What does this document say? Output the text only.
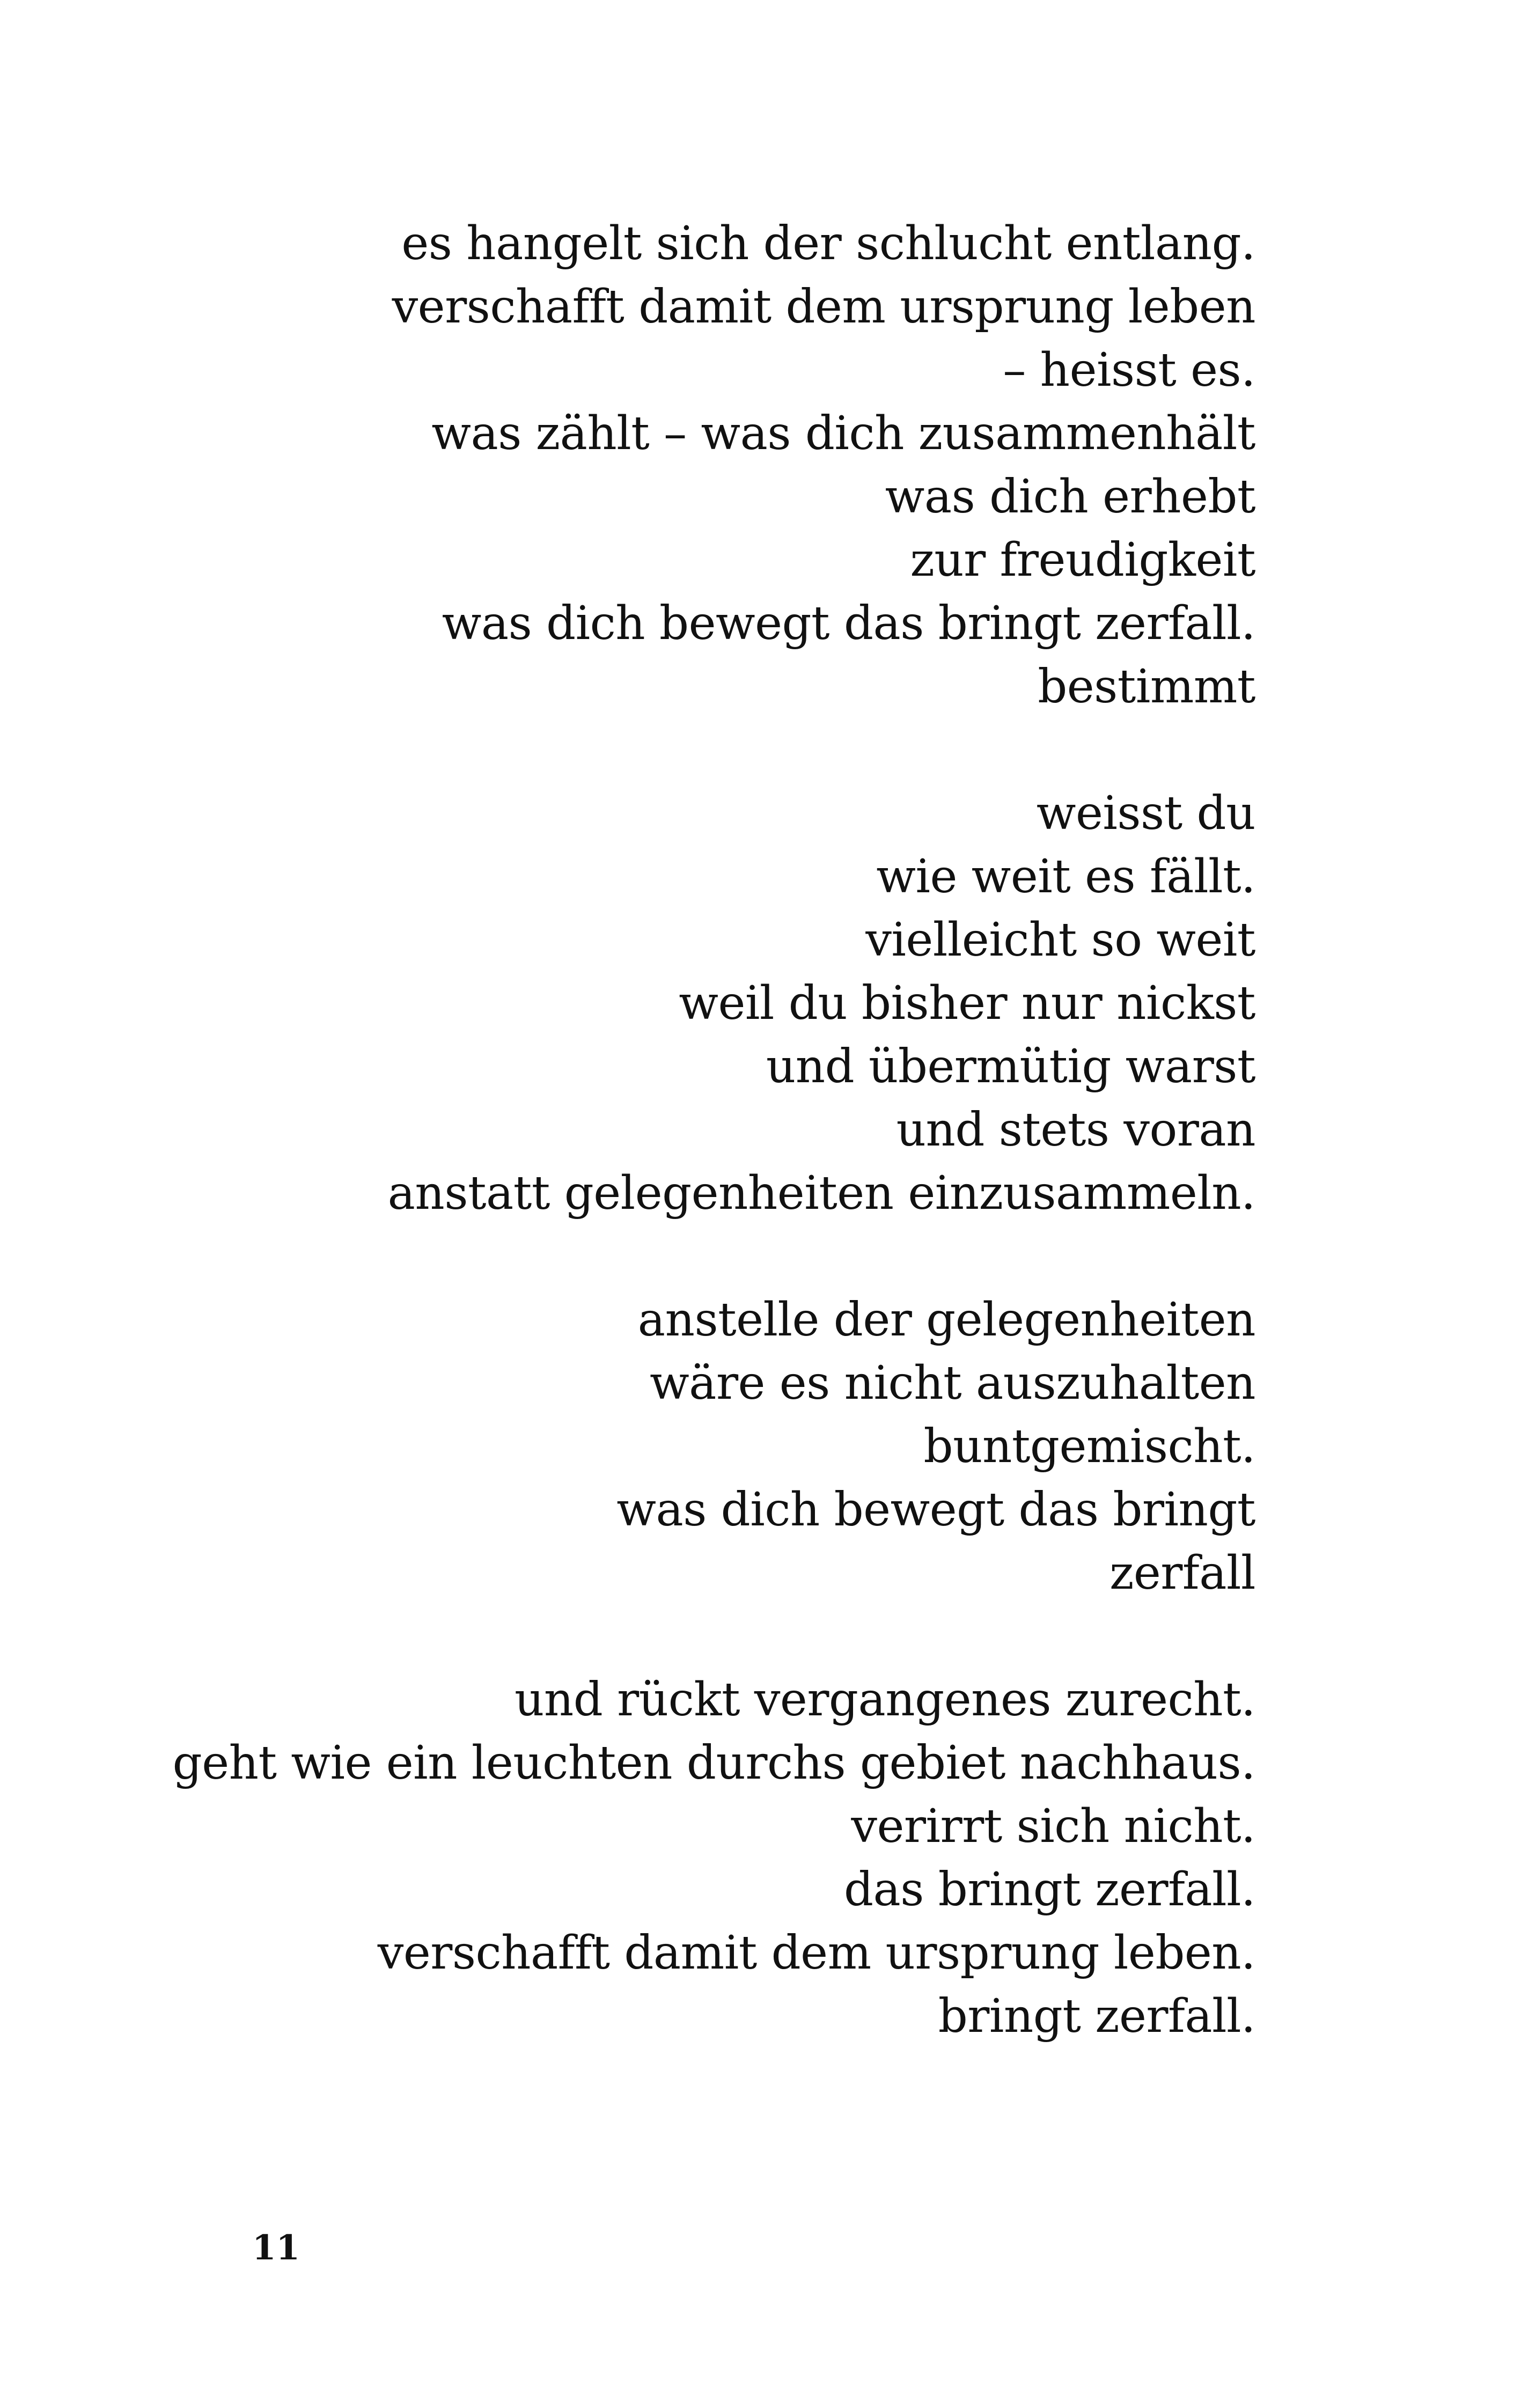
es hangelt sich der schlucht entlang.
verschafft damit dem ursprung leben
– heisst es.
was zählt – was dich zusammenhält
was dich erhebt
zur freudigkeit
was dich bewegt das bringt zerfall.
bestimmt
weisst du
wie weit es fällt.
vielleicht so weit
weil du bisher nur nickst
und übermütig warst
und stets voran
anstatt gelegenheiten einzusammeln.
anstelle der gelegenheiten
wäre es nicht auszuhalten
buntgemischt.
was dich bewegt das bringt
zerfall
und rückt vergangenes zurecht.
geht wie ein leuchten durchs gebiet nachhaus.
verirrt sich nicht.
das bringt zerfall.
verschafft damit dem ursprung leben.
bringt zerfall.
11
